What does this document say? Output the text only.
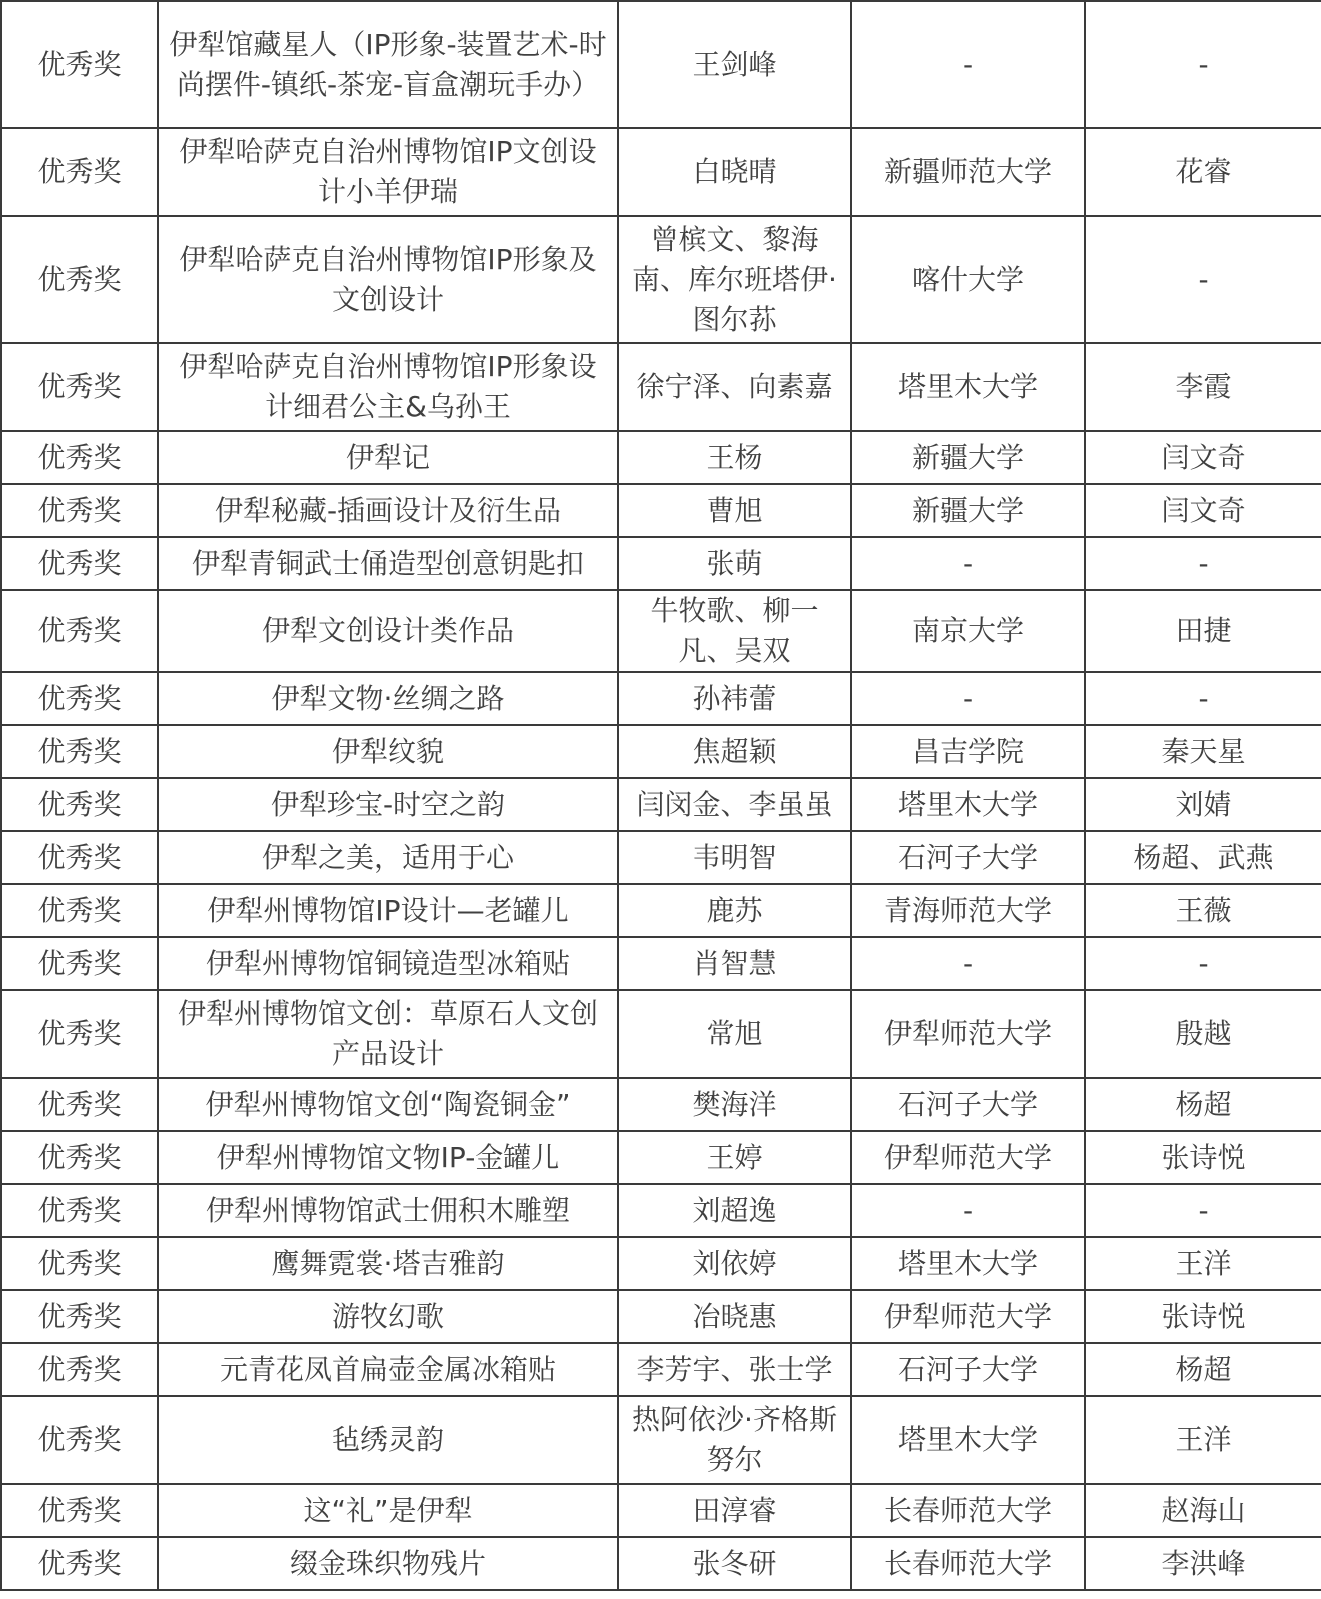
优秀奖	伊犁馆藏星人（IP形象-装置艺术-时尚摆件-镇纸-茶宠-盲盒潮玩手办）	王剑峰	-	-
优秀奖	伊犁哈萨克自治州博物馆IP文创设计小羊伊瑞	白晓晴	新疆师范大学	花睿
优秀奖	伊犁哈萨克自治州博物馆IP形象及文创设计	曾槟文、黎海南、库尔班塔伊·图尔荪	喀什大学	-
优秀奖	伊犁哈萨克自治州博物馆IP形象设计细君公主&乌孙王	徐宁泽、向素嘉	塔里木大学	李霞
优秀奖	伊犁记	王杨	新疆大学	闫文奇
优秀奖	伊犁秘藏-插画设计及衍生品	曹旭	新疆大学	闫文奇
优秀奖	伊犁青铜武士俑造型创意钥匙扣	张萌	-	-
优秀奖	伊犁文创设计类作品	牛牧歌、柳一凡、吴双	南京大学	田捷
优秀奖	伊犁文物·丝绸之路	孙袆蕾	-	-
优秀奖	伊犁纹貌	焦超颖	昌吉学院	秦天星
优秀奖	伊犁珍宝-时空之韵	闫闵金、李虽虽	塔里木大学	刘婧
优秀奖	伊犁之美，适用于心	韦明智	石河子大学	杨超、武燕
优秀奖	伊犁州博物馆IP设计—老罐儿	鹿苏	青海师范大学	王薇
优秀奖	伊犁州博物馆铜镜造型冰箱贴	肖智慧	-	-
优秀奖	伊犁州博物馆文创：草原石人文创产品设计	常旭	伊犁师范大学	殷越
优秀奖	伊犁州博物馆文创“陶瓷铜金”	樊海洋	石河子大学	杨超
优秀奖	伊犁州博物馆文物IP-金罐儿	王婷	伊犁师范大学	张诗悦
优秀奖	伊犁州博物馆武士佣积木雕塑	刘超逸	-	-
优秀奖	鹰舞霓裳·塔吉雅韵	刘依婷	塔里木大学	王洋
优秀奖	游牧幻歌	冶晓惠	伊犁师范大学	张诗悦
优秀奖	元青花凤首扁壶金属冰箱贴	李芳宇、张士学	石河子大学	杨超
优秀奖	毡绣灵韵	热阿依沙·齐格斯努尔	塔里木大学	王洋
优秀奖	这“礼”是伊犁	田淳睿	长春师范大学	赵海山
优秀奖	缀金珠织物残片	张冬研	长春师范大学	李洪峰
